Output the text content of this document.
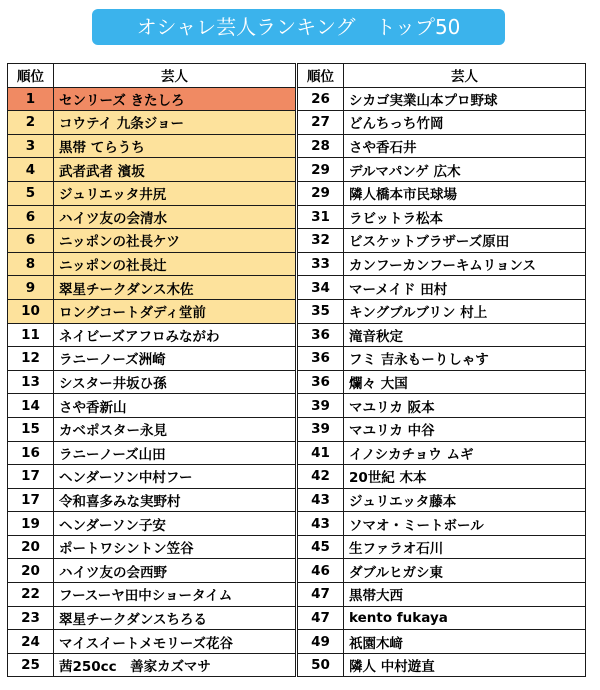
オシャレ芸人ランキング　トップ50
順位	芸人
1	センリーズ きたしろ
2	コウテイ 九条ジョー
3	黒帯 てらうち
4	武者武者 濱坂
5	ジュリエッタ井尻
6	ハイツ友の会清水
6	ニッポンの社長ケツ
8	ニッポンの社長辻
9	翠星チークダンス木佐
10	ロングコートダディ堂前
11	ネイビーズアフロみながわ
12	ラニーノーズ洲崎
13	シスター井坂ひ孫
14	さや香新山
15	カベポスター永見
16	ラニーノーズ山田
17	ヘンダーソン中村フー
17	令和喜多みな実野村
19	ヘンダーソン子安
20	ポートワシントン笠谷
20	ハイツ友の会西野
22	フースーヤ田中ショータイム
23	翠星チークダンスちろる
24	マイスイートメモリーズ花谷
25	茜250cc　善家カズマサ
順位	芸人
26	シカゴ実業山本プロ野球
27	どんちっち竹岡
28	さや香石井
29	デルマパンゲ 広木
29	隣人橋本市民球場
31	ラビットラ松本
32	ビスケットブラザーズ原田
33	カンフーカンフーキムリョンス
34	マーメイド 田村
35	キングブルブリン 村上
36	滝音秋定
36	フミ 吉永もーりしゃす
36	爛々 大国
39	マユリカ 阪本
39	マユリカ 中谷
41	イノシカチョウ ムギ
42	20世紀 木本
43	ジュリエッタ藤本
43	ソマオ・ミートボール
45	生ファラオ石川
46	ダブルヒガシ東
47	黒帯大西
47	kento fukaya
49	祇園木﨑
50	隣人 中村遊直
